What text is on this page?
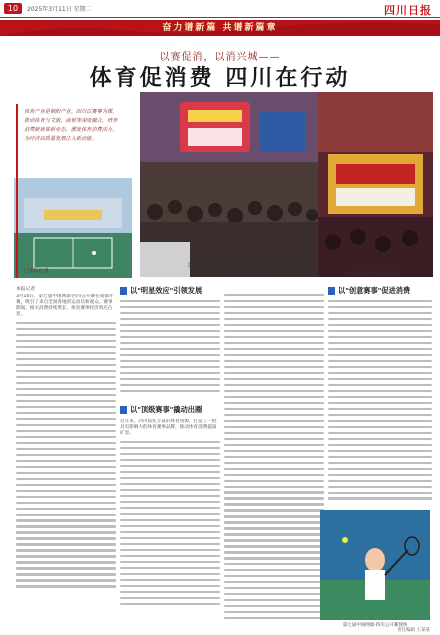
10	2025年3月11日 星期二	四川日报
奋力谱新篇 共谱新篇章
以赛促消，以消兴城——
体育促消费 四川在行动
体育产业是朝阳产业。四川以赛事为媒，推动体育与文旅、商贸等深度融合，培育消费新场景新业态，激发体育消费活力，为经济高质量发展注入新动能。
□本报记者
第七届中国网球·四川公开赛期间观众在赛场外体验互动项目（资料图片）	四川体育赛事持续升温
本报记者
3月10日，第七届中国网球·四川公开赛在成都开赛，吸引了来自全国各地的运动员和观众。赛事期间，相关消费持续增长，体育赛事经济效应凸显。
以"明星效应"引领发展
以"顶级赛事"撬动出圈
近年来，四川依托丰富的体育资源，打造了一批具有影响力的体育赛事品牌，推动体育消费提质扩容。
以"创意赛事"促进消费
第七届中国网球·四川公开赛现场
责任编辑 王某某
